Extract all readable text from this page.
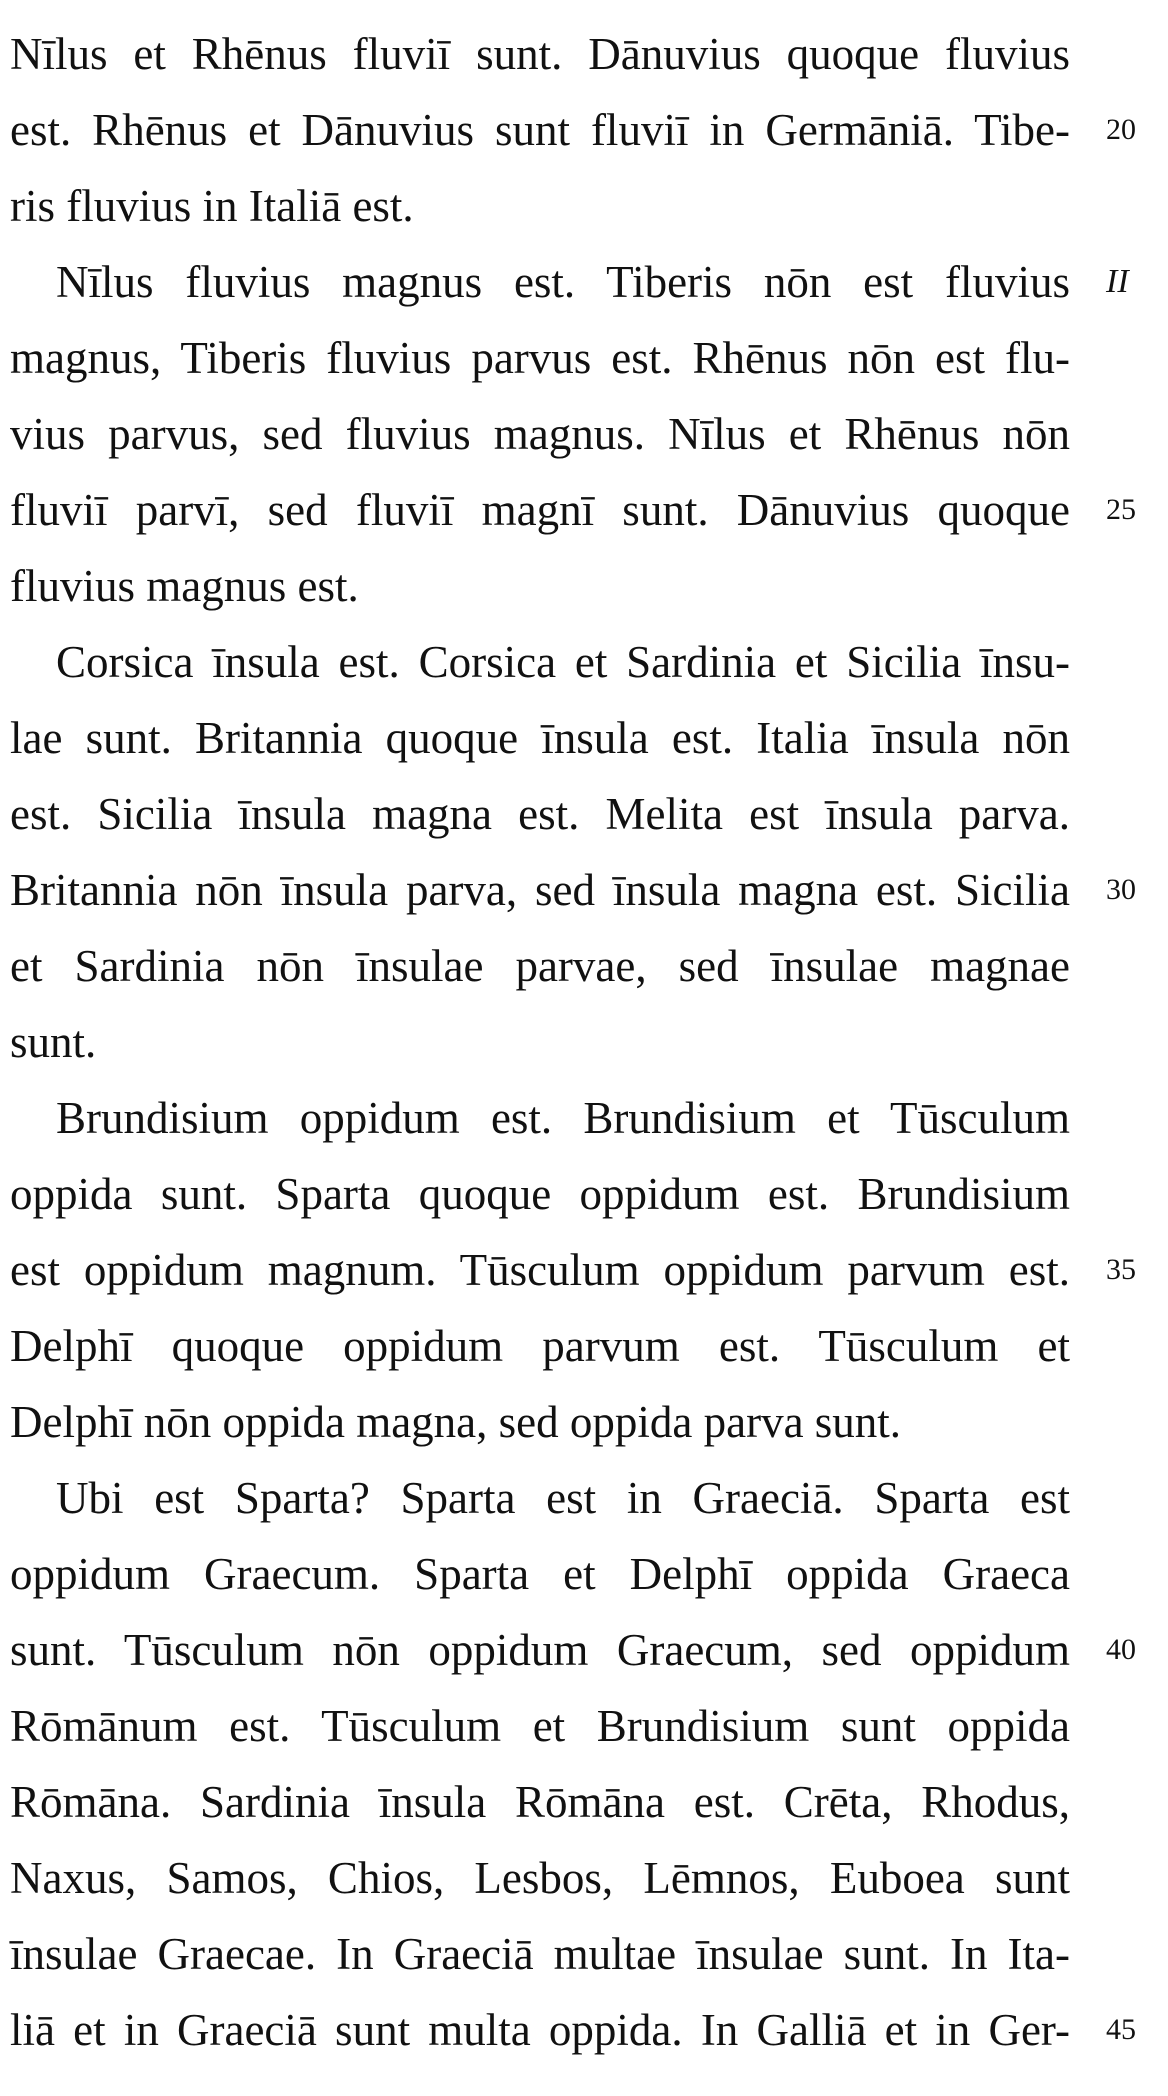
Nīlus et Rhēnus fluviī sunt. Dānuvius quoque fluvius
est. Rhēnus et Dānuvius sunt fluviī in Germāniā. Tibe-
ris fluvius in Italiā est.
Nīlus fluvius magnus est. Tiberis nōn est fluvius
magnus, Tiberis fluvius parvus est. Rhēnus nōn est flu-
vius parvus, sed fluvius magnus. Nīlus et Rhēnus nōn
fluviī parvī, sed fluviī magnī sunt. Dānuvius quoque
fluvius magnus est.
Corsica īnsula est. Corsica et Sardinia et Sicilia īnsu-
lae sunt. Britannia quoque īnsula est. Italia īnsula nōn
est. Sicilia īnsula magna est. Melita est īnsula parva.
Britannia nōn īnsula parva, sed īnsula magna est. Sicilia
et Sardinia nōn īnsulae parvae, sed īnsulae magnae
sunt.
Brundisium oppidum est. Brundisium et Tūsculum
oppida sunt. Sparta quoque oppidum est. Brundisium
est oppidum magnum. Tūsculum oppidum parvum est.
Delphī quoque oppidum parvum est. Tūsculum et
Delphī nōn oppida magna, sed oppida parva sunt.
Ubi est Sparta? Sparta est in Graeciā. Sparta est
oppidum Graecum. Sparta et Delphī oppida Graeca
sunt. Tūsculum nōn oppidum Graecum, sed oppidum
Rōmānum est. Tūsculum et Brundisium sunt oppida
Rōmāna. Sardinia īnsula Rōmāna est. Crēta, Rhodus,
Naxus, Samos, Chios, Lesbos, Lēmnos, Euboea sunt
īnsulae Graecae. In Graeciā multae īnsulae sunt. In Ita-
liā et in Graeciā sunt multa oppida. In Galliā et in Ger-
20
II
25
30
35
40
45
